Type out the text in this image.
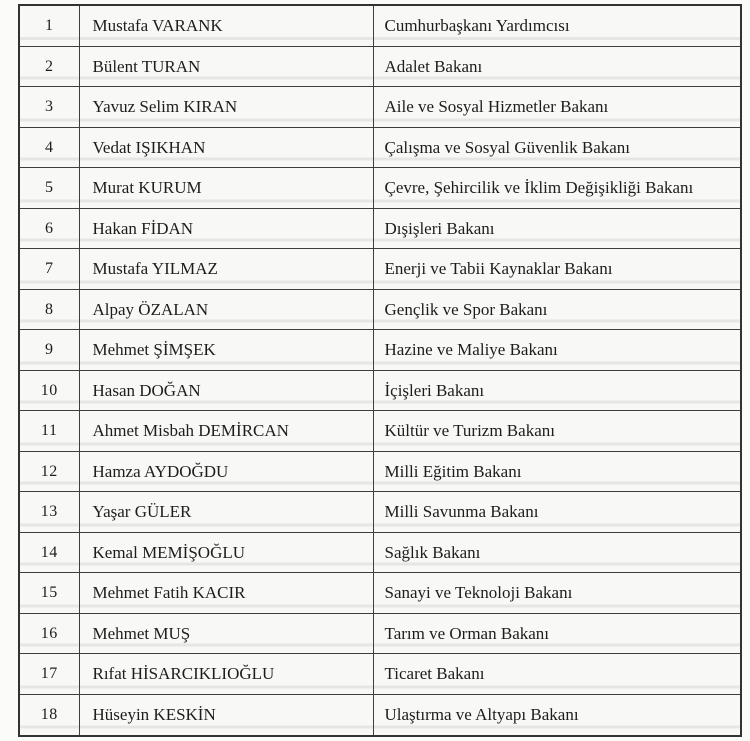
1	Mustafa VARANK	Cumhurbaşkanı Yardımcısı
2	Bülent TURAN	Adalet Bakanı
3	Yavuz Selim KIRAN	Aile ve Sosyal Hizmetler Bakanı
4	Vedat IŞIKHAN	Çalışma ve Sosyal Güvenlik Bakanı
5	Murat KURUM	Çevre, Şehircilik ve İklim Değişikliği Bakanı
6	Hakan FİDAN	Dışişleri Bakanı
7	Mustafa YILMAZ	Enerji ve Tabii Kaynaklar Bakanı
8	Alpay ÖZALAN	Gençlik ve Spor Bakanı
9	Mehmet ŞİMŞEK	Hazine ve Maliye Bakanı
10	Hasan DOĞAN	İçişleri Bakanı
11	Ahmet Misbah DEMİRCAN	Kültür ve Turizm Bakanı
12	Hamza AYDOĞDU	Milli Eğitim Bakanı
13	Yaşar GÜLER	Milli Savunma Bakanı
14	Kemal MEMİŞOĞLU	Sağlık Bakanı
15	Mehmet Fatih KACIR	Sanayi ve Teknoloji Bakanı
16	Mehmet MUŞ	Tarım ve Orman Bakanı
17	Rıfat HİSARCIKLIOĞLU	Ticaret Bakanı
18	Hüseyin KESKİN	Ulaştırma ve Altyapı Bakanı
